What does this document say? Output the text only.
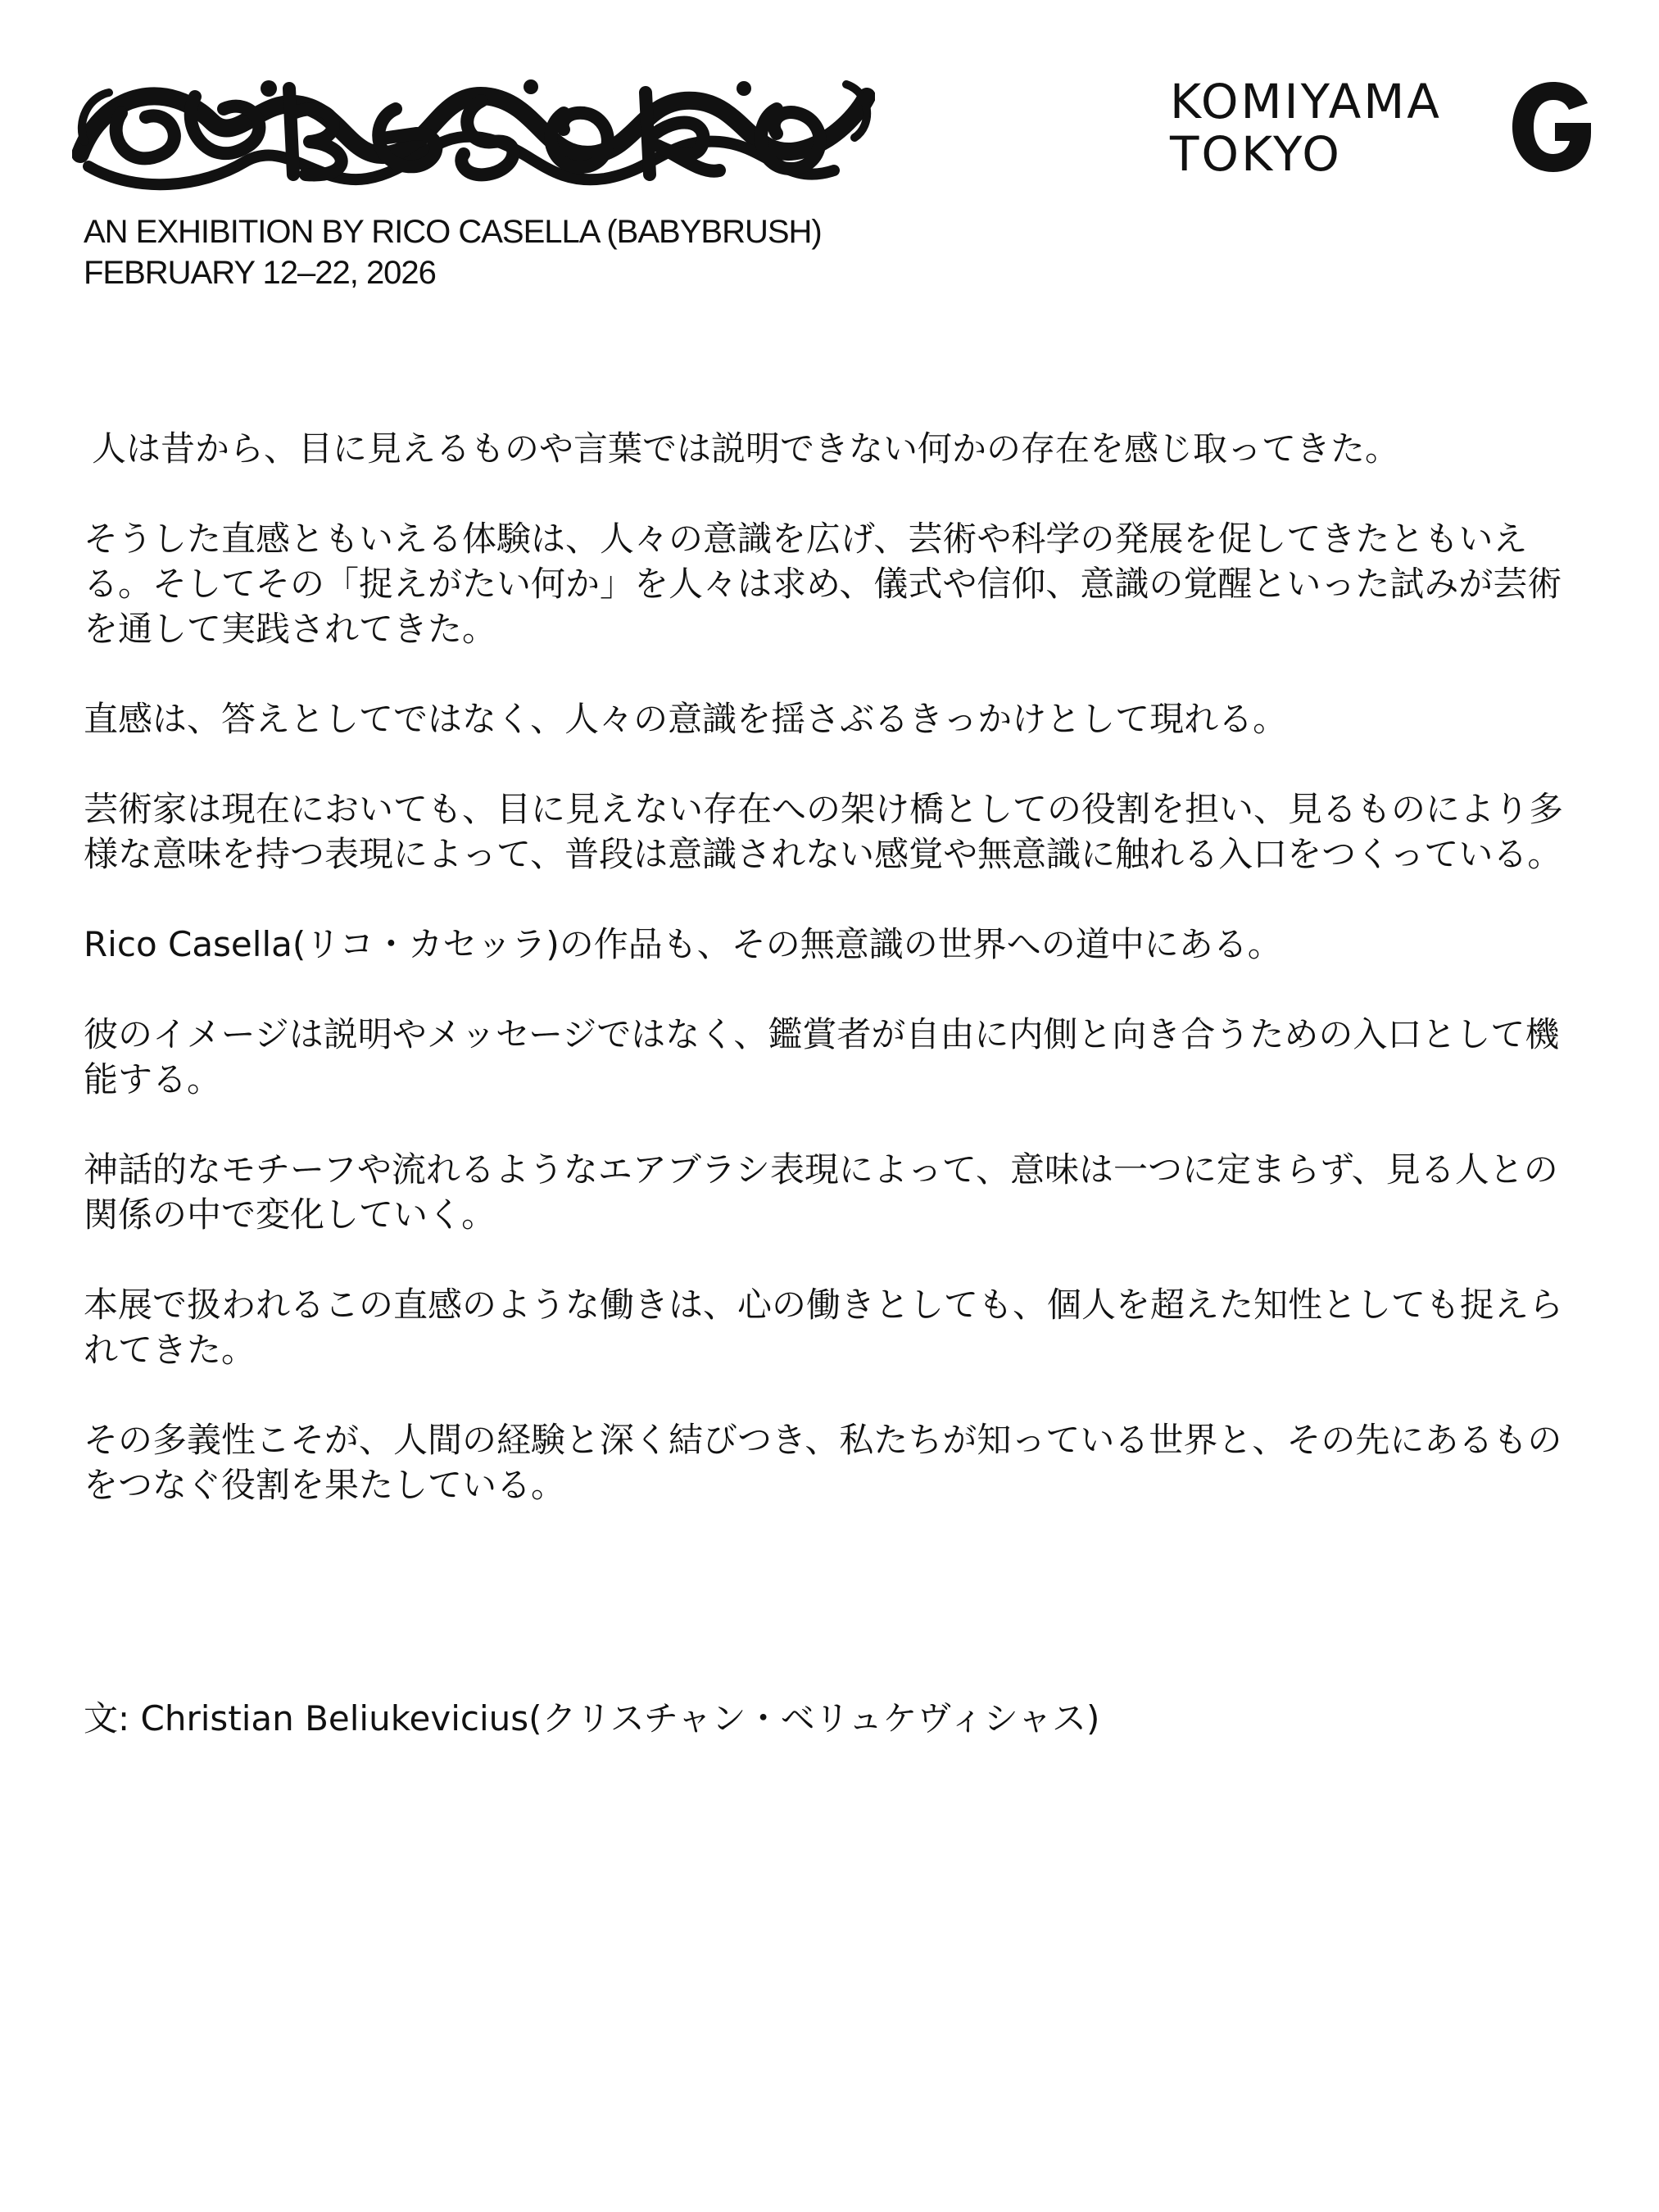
AN EXHIBITION BY RICO CASELLA (BABYBRUSH)
FEBRUARY 12–22, 2026
KOMIYAMA
TOKYO

人は昔から、目に見えるものや言葉では説明できない何かの存在を感じ取ってきた。

そうした直感ともいえる体験は、人々の意識を広げ、芸術や科学の発展を促してきたともいえる。そしてその「捉えがたい何か」を人々は求め、儀式や信仰、意識の覚醒といった試みが芸術を通して実践されてきた。

直感は、答えとしてではなく、人々の意識を揺さぶるきっかけとして現れる。

芸術家は現在においても、目に見えない存在への架け橋としての役割を担い、見るものにより多様な意味を持つ表現によって、普段は意識されない感覚や無意識に触れる入口をつくっている。

Rico Casella(リコ・カセッラ)の作品も、その無意識の世界への道中にある。

彼のイメージは説明やメッセージではなく、鑑賞者が自由に内側と向き合うための入口として機能する。

神話的なモチーフや流れるようなエアブラシ表現によって、意味は一つに定まらず、見る人との関係の中で変化していく。

本展で扱われるこの直感のような働きは、心の働きとしても、個人を超えた知性としても捉えられてきた。

その多義性こそが、人間の経験と深く結びつき、私たちが知っている世界と、その先にあるものをつなぐ役割を果たしている。

文: Christian Beliukevicius(クリスチャン・ベリュケヴィシャス)
